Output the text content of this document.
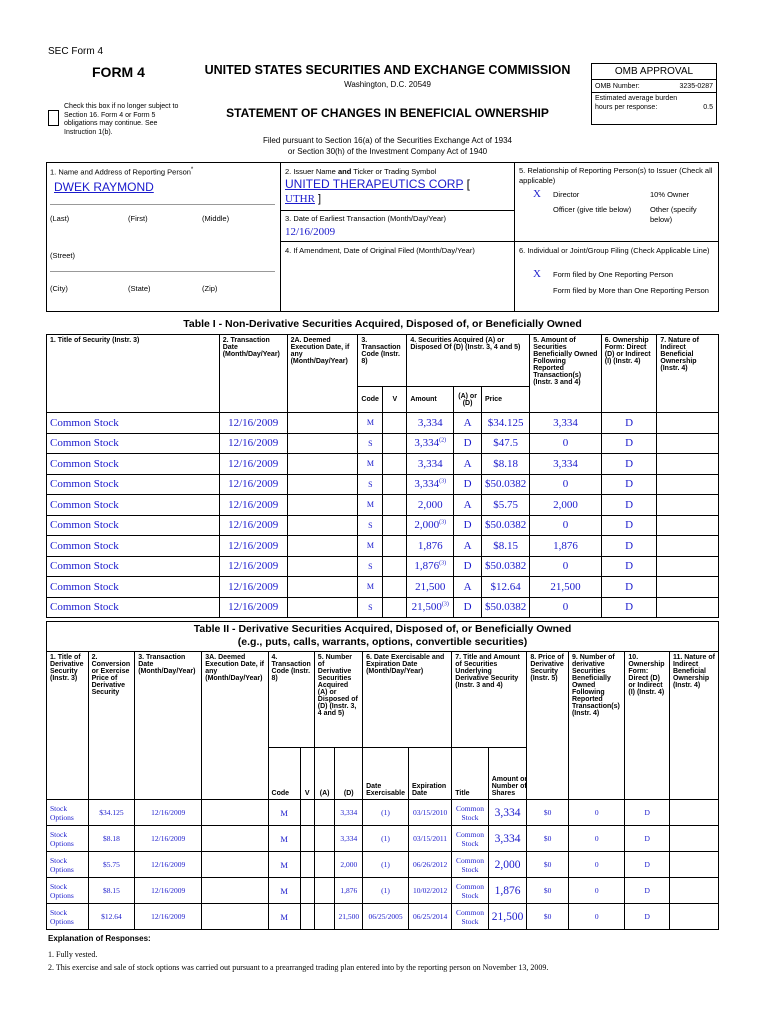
SEC Form 4
FORM 4	UNITED STATES SECURITIES AND EXCHANGE COMMISSION
Washington, D.C. 20549
Check this box if no longer subject to Section 16. Form 4 or Form 5 obligations may continue. See Instruction 1(b).
STATEMENT OF CHANGES IN BENEFICIAL OWNERSHIP
Filed pursuant to Section 16(a) of the Securities Exchange Act of 1934
or Section 30(h) of the Investment Company Act of 1940
OMB APPROVAL
OMB Number:	3235-0287
Estimated average burden
hours per response:	0.5
1. Name and Address of Reporting Person*
DWEK RAYMOND
(Last)	(First)	(Middle)
(Street)
(City)	(State)	(Zip)
2. Issuer Name and Ticker or Trading Symbol
UNITED THERAPEUTICS CORP [
UTHR ]
3. Date of Earliest Transaction (Month/Day/Year)
12/16/2009
4. If Amendment, Date of Original Filed (Month/Day/Year)
5. Relationship of Reporting Person(s) to Issuer (Check all applicable)
X Director	10% Owner
Officer (give title below)	Other (specify below)
6. Individual or Joint/Group Filing (Check Applicable Line)
X Form filed by One Reporting Person
Form filed by More than One Reporting Person
Table I - Non-Derivative Securities Acquired, Disposed of, or Beneficially Owned
1. Title of Security (Instr. 3)	2. Transaction Date (Month/Day/Year)	2A. Deemed Execution Date, if any (Month/Day/Year)	3. Transaction Code (Instr. 8)		4. Securities Acquired (A) or Disposed Of (D) (Instr. 3, 4 and 5)			5. Amount of Securities Beneficially Owned Following Reported Transaction(s) (Instr. 3 and 4)	6. Ownership Form: Direct (D) or Indirect (I) (Instr. 4)	7. Nature of Indirect Beneficial Ownership (Instr. 4)
			Code	V	Amount	(A) or (D)	Price			
Common Stock	12/16/2009		M		3,334	A	$34.125	3,334	D	
Common Stock	12/16/2009		S		3,334$^{(2)}$	D	$47.5	0	D	
Common Stock	12/16/2009		M		3,334	A	$8.18	3,334	D	
Common Stock	12/16/2009		S		3,334$^{(3)}$	D	$50.0382	0	D	
Common Stock	12/16/2009		M		2,000	A	$5.75	2,000	D	
Common Stock	12/16/2009		S		2,000$^{(3)}$	D	$50.0382	0	D	
Common Stock	12/16/2009		M		1,876	A	$8.15	1,876	D	
Common Stock	12/16/2009		S		1,876$^{(3)}$	D	$50.0382	0	D	
Common Stock	12/16/2009		M		21,500	A	$12.64	21,500	D	
Common Stock	12/16/2009		S		21,500$^{(3)}$	D	$50.0382	0	D	
Table II - Derivative Securities Acquired, Disposed of, or Beneficially Owned
(e.g., puts, calls, warrants, options, convertible securities)
1. Title of Derivative Security (Instr. 3)	2. Conversion or Exercise Price of Derivative Security	3. Transaction Date (Month/Day/Year)	3A. Deemed Execution Date, if any (Month/Day/Year)	4. Transaction Code (Instr. 8)		5. Number of Derivative Securities Acquired (A) or Disposed of (D) (Instr. 3, 4 and 5)		6. Date Exercisable and Expiration Date (Month/Day/Year)		7. Title and Amount of Securities Underlying Derivative Security (Instr. 3 and 4)		8. Price of Derivative Security (Instr. 5)	9. Number of derivative Securities Beneficially Owned Following Reported Transaction(s) (Instr. 4)	10. Ownership Form: Direct (D) or Indirect (I) (Instr. 4)	11. Nature of Indirect Beneficial Ownership (Instr. 4)
				Code	V	(A)	(D)	Date Exercisable	Expiration Date	Title	Amount or Number of Shares				

Stock Options	$34.125	12/16/2009		M			3,334	(1)	03/15/2010	Common Stock	3,334	$0	0	D	
Stock Options	$8.18	12/16/2009		M			3,334	(1)	03/15/2011	Common Stock	3,334	$0	0	D	
Stock Options	$5.75	12/16/2009		M			2,000	(1)	06/26/2012	Common Stock	2,000	$0	0	D	
Stock Options	$8.15	12/16/2009		M			1,876	(1)	10/02/2012	Common Stock	1,876	$0	0	D	
Stock Options	$12.64	12/16/2009		M			21,500	06/25/2005	06/25/2014	Common Stock	21,500	$0	0	D	
Explanation of Responses:
1. Fully vested.
2. This exercise and sale of stock options was carried out pursuant to a prearranged trading plan entered into by the reporting person on November 13, 2009.
